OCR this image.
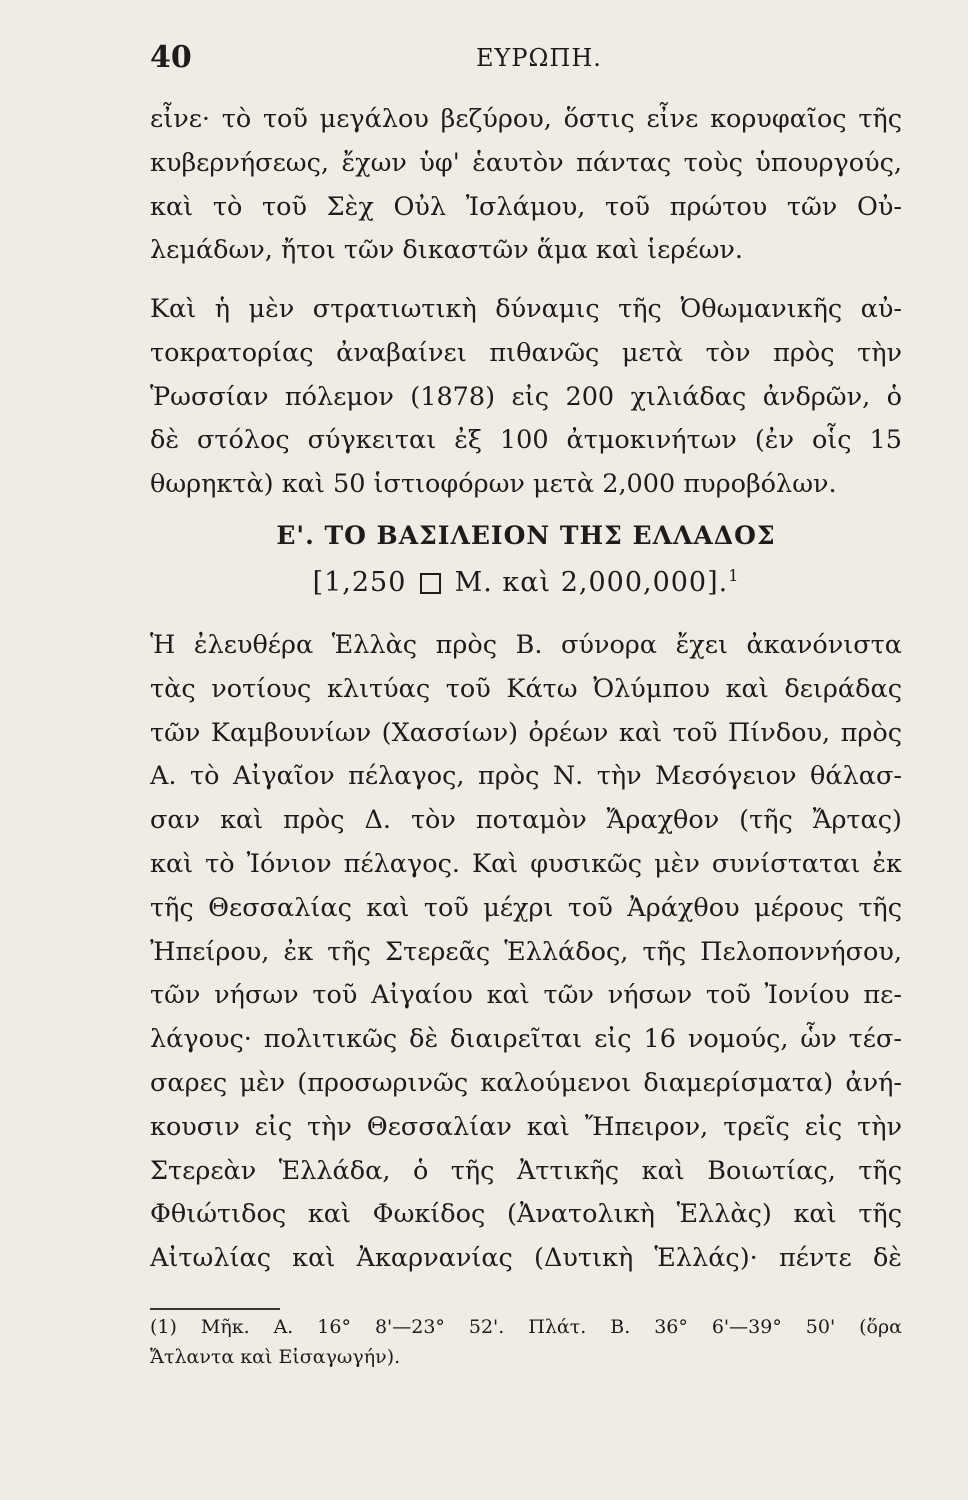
40	ΕΥΡΩΠΗ.

εἶνε· τὸ τοῦ μεγάλου βεζύρου, ὅστις εἶνε κορυφαῖος τῆς
κυβερνήσεως, ἔχων ὑφ' ἑαυτὸν πάντας τοὺς ὑπουργούς,
καὶ τὸ τοῦ Σὲχ Οὐλ Ἰσλάμου, τοῦ πρώτου τῶν Οὐ-
λεμάδων, ἤτοι τῶν δικαστῶν ἅμα καὶ ἱερέων.

Καὶ ἡ μὲν στρατιωτικὴ δύναμις τῆς Ὀθωμανικῆς αὐ-
τοκρατορίας ἀναβαίνει πιθανῶς μετὰ τὸν πρὸς τὴν
Ῥωσσίαν πόλεμον (1878) εἰς 200 χιλιάδας ἀνδρῶν, ὁ
δὲ στόλος σύγκειται ἐξ 100 ἀτμοκινήτων (ἐν οἷς 15
θωρηκτὰ) καὶ 50 ἱστιοφόρων μετὰ 2,000 πυροβόλων.

Ε'. ΤΟ ΒΑΣΙΛΕΙΟΝ ΤΗΣ ΕΛΛΑΔΟΣ
[1,250 Μ. καὶ 2,000,000].$^1$

Ἡ ἐλευθέρα Ἑλλὰς πρὸς Β. σύνορα ἔχει ἀκανόνιστα
τὰς νοτίους κλιτύας τοῦ Κάτω Ὀλύμπου καὶ δειράδας
τῶν Καμβουνίων (Χασσίων) ὀρέων καὶ τοῦ Πίνδου, πρὸς
Α. τὸ Αἰγαῖον πέλαγος, πρὸς Ν. τὴν Μεσόγειον θάλασ-
σαν καὶ πρὸς Δ. τὸν ποταμὸν Ἄραχθον (τῆς Ἄρτας)
καὶ τὸ Ἰόνιον πέλαγος. Καὶ φυσικῶς μὲν συνίσταται ἐκ
τῆς Θεσσαλίας καὶ τοῦ μέχρι τοῦ Ἀράχθου μέρους τῆς
Ἠπείρου, ἐκ τῆς Στερεᾶς Ἑλλάδος, τῆς Πελοποννήσου,
τῶν νήσων τοῦ Αἰγαίου καὶ τῶν νήσων τοῦ Ἰονίου πε-
λάγους· πολιτικῶς δὲ διαιρεῖται εἰς 16 νομούς, ὧν τέσ-
σαρες μὲν (προσωρινῶς καλούμενοι διαμερίσματα) ἀνή-
κουσιν εἰς τὴν Θεσσαλίαν καὶ Ἤπειρον, τρεῖς εἰς τὴν
Στερεὰν Ἑλλάδα, ὁ τῆς Ἀττικῆς καὶ Βοιωτίας, τῆς
Φθιώτιδος καὶ Φωκίδος (Ἀνατολικὴ Ἑλλὰς) καὶ τῆς
Αἰτωλίας καὶ Ἀκαρνανίας (Δυτικὴ Ἑλλάς)· πέντε δὲ

(1) Μῆκ. Α. 16° 8'—23° 52'. Πλάτ. Β. 36° 6'—39° 50' (ὅρα
Ἄτλαντα καὶ Εἰσαγωγήν).
